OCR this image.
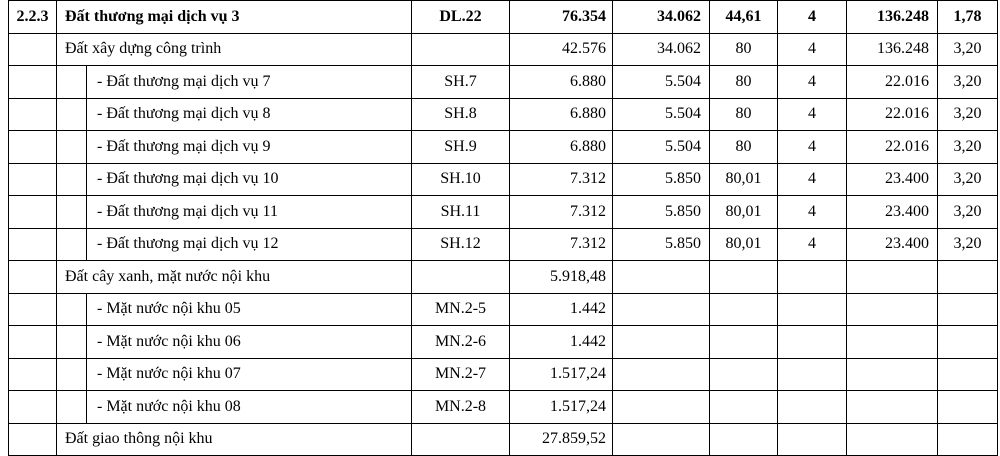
2.2.3	Đất thương mại dịch vụ 3		DL.22	76.354	34.062	44,61	4	136.248	1,78
	Đất xây dựng công trình			42.576	34.062	80	4	136.248	3,20
		- Đất thương mại dịch vụ 7	SH.7	6.880	5.504	80	4	22.016	3,20
		- Đất thương mại dịch vụ 8	SH.8	6.880	5.504	80	4	22.016	3,20
		- Đất thương mại dịch vụ 9	SH.9	6.880	5.504	80	4	22.016	3,20
		- Đất thương mại dịch vụ 10	SH.10	7.312	5.850	80,01	4	23.400	3,20
		- Đất thương mại dịch vụ 11	SH.11	7.312	5.850	80,01	4	23.400	3,20
		- Đất thương mại dịch vụ 12	SH.12	7.312	5.850	80,01	4	23.400	3,20
	Đất cây xanh, mặt nước nội khu			5.918,48					
		- Mặt nước nội khu 05	MN.2-5	1.442					
		- Mặt nước nội khu 06	MN.2-6	1.442					
		- Mặt nước nội khu 07	MN.2-7	1.517,24					
		- Mặt nước nội khu 08	MN.2-8	1.517,24					
	Đất giao thông nội khu			27.859,52					
